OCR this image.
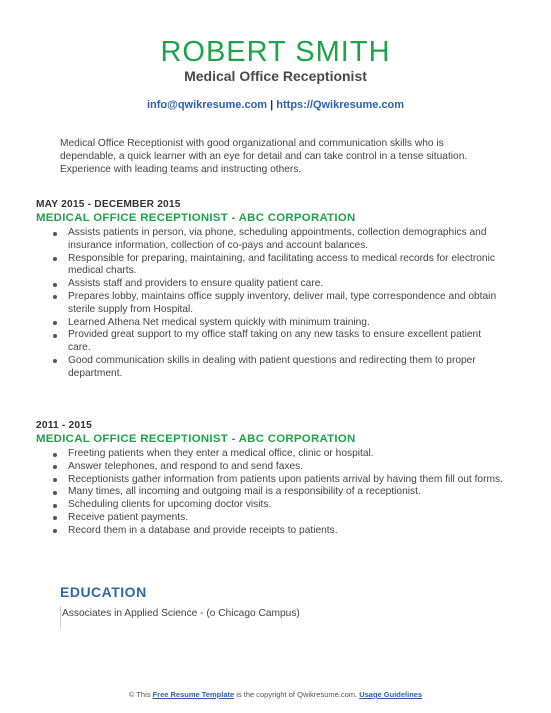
ROBERT SMITH
Medical Office Receptionist
info@qwikresume.com | https://Qwikresume.com
Medical Office Receptionist with good organizational and communication skills who is dependable, a quick learner with an eye for detail and can take control in a tense situation. Experience with leading teams and instructing others.
MAY 2015 - DECEMBER 2015
MEDICAL OFFICE RECEPTIONIST - ABC CORPORATION
Assists patients in person, via phone, scheduling appointments, collection demographics and insurance information, collection of co-pays and account balances.
Responsible for preparing, maintaining, and facilitating access to medical records for electronic medical charts.
Assists staff and providers to ensure quality patient care.
Prepares lobby, maintains office supply inventory, deliver mail, type correspondence and obtain sterile supply from Hospital.
Learned Athena Net medical system quickly with minimum training.
Provided great support to my office staff taking on any new tasks to ensure excellent patient care.
Good communication skills in dealing with patient questions and redirecting them to proper department.
2011 - 2015
MEDICAL OFFICE RECEPTIONIST - ABC CORPORATION
Freeting patients when they enter a medical office, clinic or hospital.
Answer telephones, and respond to and send faxes.
Receptionists gather information from patients upon patients arrival by having them fill out forms.
Many times, all incoming and outgoing mail is a responsibility of a receptionist.
Scheduling clients for upcoming doctor visits.
Receive patient payments.
Record them in a database and provide receipts to patients.
EDUCATION
Associates in Applied Science - (o Chicago Campus)
© This Free Resume Template is the copyright of Qwikresume.com. Usage Guidelines
